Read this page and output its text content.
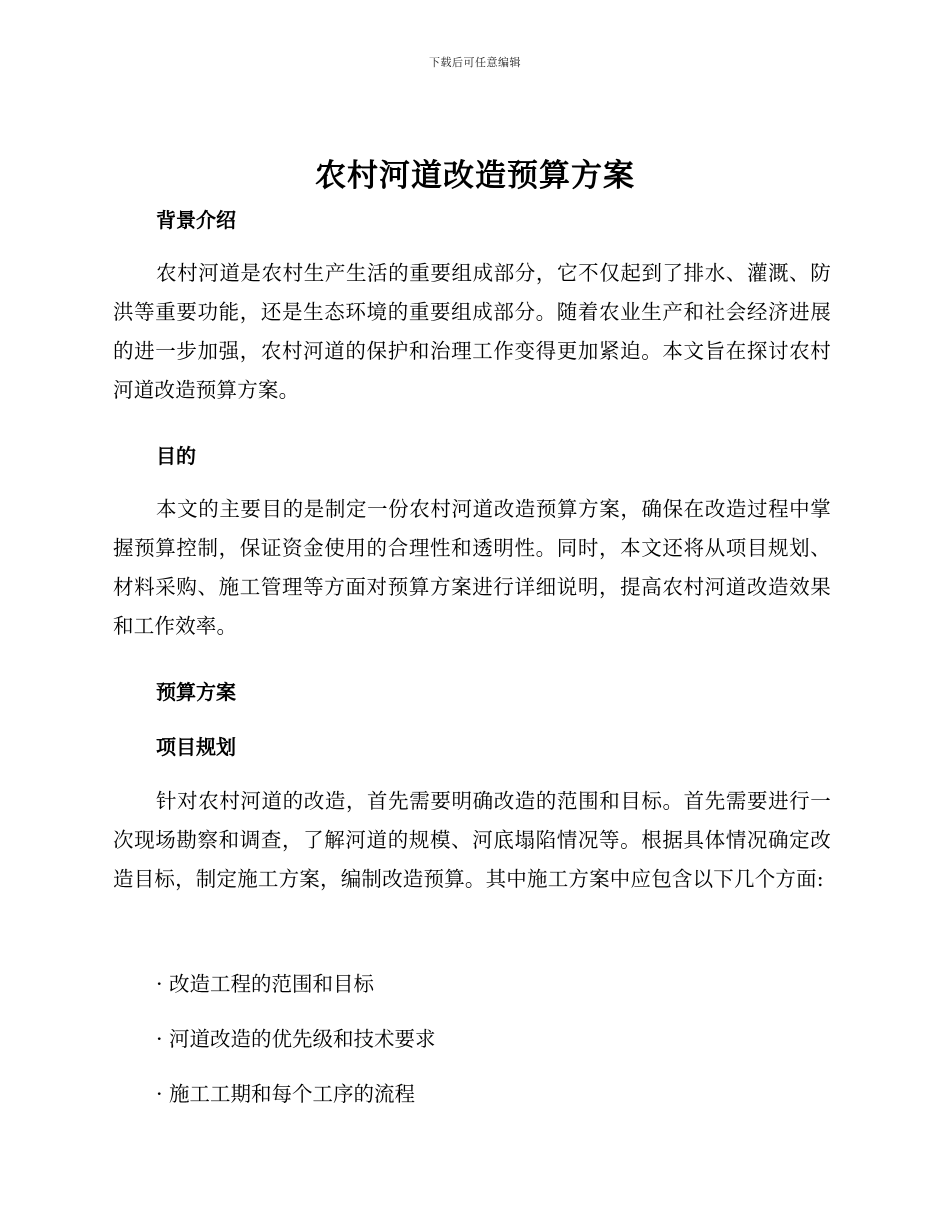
下载后可任意编辑
农村河道改造预算方案
背景介绍

农村河道是农村生产生活的重要组成部分，它不仅起到了排水、灌溉、防洪等重要功能，还是生态环境的重要组成部分。随着农业生产和社会经济进展的进一步加强，农村河道的保护和治理工作变得更加紧迫。本文旨在探讨农村河道改造预算方案。

目的

本文的主要目的是制定一份农村河道改造预算方案，确保在改造过程中掌握预算控制，保证资金使用的合理性和透明性。同时，本文还将从项目规划、材料采购、施工管理等方面对预算方案进行详细说明，提高农村河道改造效果和工作效率。

预算方案
项目规划

针对农村河道的改造，首先需要明确改造的范围和目标。首先需要进行一次现场勘察和调查，了解河道的规模、河底塌陷情况等。根据具体情况确定改造目标，制定施工方案，编制改造预算。其中施工方案中应包含以下几个方面:

· 改造工程的范围和目标
· 河道改造的优先级和技术要求
· 施工工期和每个工序的流程
